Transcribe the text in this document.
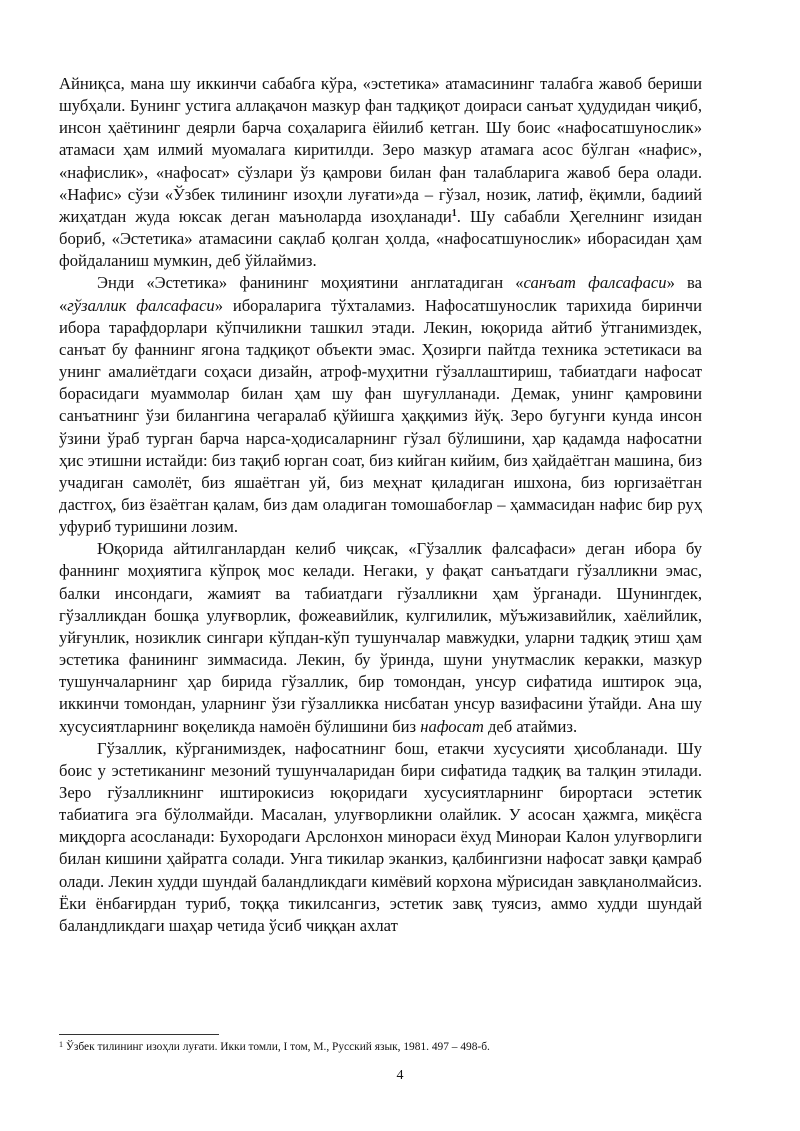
Айниқса, мана шу иккинчи сабабга кўра, «эстетика» атамасининг талабга жавоб бериши шубҳали. Бунинг устига аллақачон мазкур фан тадқиқот доираси санъат ҳудудидан чиқиб, инсон ҳаётининг деярли барча соҳаларига ёйилиб кетган. Шу боис «нафосатшунослик» атамаси ҳам илмий муомалага киритилди. Зеро мазкур атамага асос бўлган «нафис», «нафислик», «нафосат» сўзлари ўз қамрови билан фан талабларига жавоб бера олади. «Нафис» сўзи «Ўзбек тилининг изоҳли луғати»да – гўзал, нозик, латиф, ёқимли, бадиий жиҳатдан жуда юксак деган маъноларда изоҳланади$^1$. Шу сабабли Ҳегелнинг изидан бориб, «Эстетика» атамасини сақлаб қолган ҳолда, «нафосатшунослик» иборасидан ҳам фойдаланиш мумкин, деб ўйлаймиз.

Энди «Эстетика» фанининг моҳиятини англатадиган «санъат фалсафаси» ва «гўзаллик фалсафаси» ибораларига тўхталамиз. Нафосатшунослик тарихида биринчи ибора тарафдорлари кўпчиликни ташкил этади. Лекин, юқорида айтиб ўтганимиздек, санъат бу фаннинг ягона тадқиқот объекти эмас. Ҳозирги пайтда техника эстетикаси ва унинг амалиётдаги соҳаси дизайн, атроф-муҳитни гўзаллаштириш, табиатдаги нафосат борасидаги муаммолар билан ҳам шу фан шуғулланади. Демак, унинг қамровини санъатнинг ўзи билангина чегаралаб қўйишга ҳаққимиз йўқ. Зеро бугунги кунда инсон ўзини ўраб турган барча нарса-ҳодисаларнинг гўзал бўлишини, ҳар қадамда нафосатни ҳис этишни истайди: биз тақиб юрган соат, биз кийган кийим, биз ҳайдаётган машина, биз учадиган самолёт, биз яшаётган уй, биз меҳнат қиладиган ишхона, биз юргизаётган дастгоҳ, биз ёзаётган қалам, биз дам оладиган томошабоғлар – ҳаммасидан нафис бир руҳ уфуриб туришини лозим.

Юқорида айтилганлардан келиб чиқсак, «Гўзаллик фалсафаси» деган ибора бу фаннинг моҳиятига кўпроқ мос келади. Негаки, у фақат санъатдаги гўзалликни эмас, балки инсондаги, жамият ва табиатдаги гўзалликни ҳам ўрганади. Шунингдек, гўзалликдан бошқа улуғворлик, фожеавийлик, кулгилилик, мўъжизавийлик, хаёлийлик, уйғунлик, нозиклик сингари кўпдан-кўп тушунчалар мавжудки, уларни тадқиқ этиш ҳам эстетика фанининг зиммасида. Лекин, бу ўринда, шуни унутмаслик керакки, мазкур тушунчаларнинг ҳар бирида гўзаллик, бир томондан, унсур сифатида иштирок эца, иккинчи томондан, уларнинг ўзи гўзалликка нисбатан унсур вазифасини ўтайди. Ана шу хусусиятларнинг воқеликда намоён бўлишини биз нафосат деб атаймиз.

Гўзаллик, кўрганимиздек, нафосатнинг бош, етакчи хусусияти ҳисобланади. Шу боис у эстетиканинг мезоний тушунчаларидан бири сифатида тадқиқ ва талқин этилади. Зеро гўзалликнинг иштирокисиз юқоридаги хусусиятларнинг бирортаси эстетик табиатига эга бўлолмайди. Масалан, улуғворликни олайлик. У асосан ҳажмга, миқёсга миқдорга асосланади: Бухородаги Арслонхон минораси ёхуд Минораи Калон улуғворлиги билан кишини ҳайратга солади. Унга тикилар эканкиз, қалбингизни нафосат завқи қамраб олади. Лекин худди шундай баландликдаги кимёвий корхона мўрисидан завқланолмайсиз. Ёки ёнбағирдан туриб, тоққа тикилсангиз, эстетик завқ туясиз, аммо худди шундай баландликдаги шаҳар четида ўсиб чиққан ахлат

$^1$ Ўзбек тилининг изоҳли луғати. Икки томли, I том, М., Русский язык, 1981. 497 – 498-б.

4
